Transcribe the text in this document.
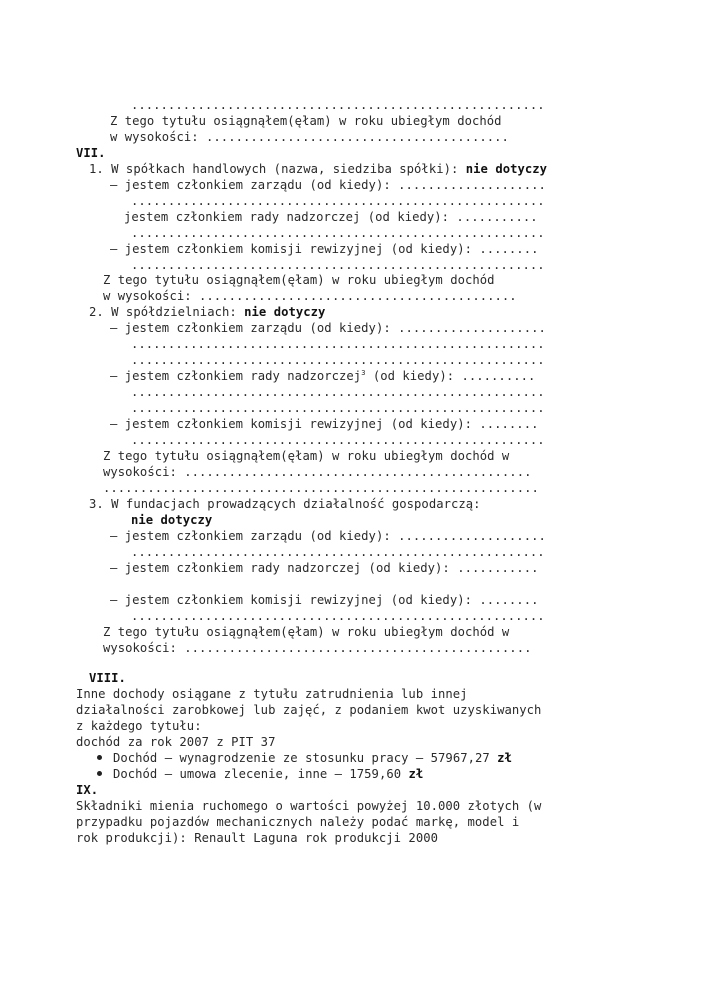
........................................................
Z tego tytułu osiągnąłem(ęłam) w roku ubiegłym dochód
w wysokości: .........................................
VII.
1. W spółkach handlowych (nazwa, siedziba spółki): nie dotyczy
– jestem członkiem zarządu (od kiedy): ....................
........................................................
jestem członkiem rady nadzorczej (od kiedy): ...........
........................................................
– jestem członkiem komisji rewizyjnej (od kiedy): ........
........................................................
Z tego tytułu osiągnąłem(ęłam) w roku ubiegłym dochód
w wysokości: ...........................................
2. W spółdzielniach: nie dotyczy
– jestem członkiem zarządu (od kiedy): ....................
........................................................
........................................................
– jestem członkiem rady nadzorczej$^3$ (od kiedy): ..........
........................................................
........................................................
– jestem członkiem komisji rewizyjnej (od kiedy): ........
........................................................
Z tego tytułu osiągnąłem(ęłam) w roku ubiegłym dochód w
wysokości: ...............................................
...........................................................
3. W fundacjach prowadzących działalność gospodarczą:
nie dotyczy
– jestem członkiem zarządu (od kiedy): ....................
........................................................
– jestem członkiem rady nadzorczej (od kiedy): ...........
– jestem członkiem komisji rewizyjnej (od kiedy): ........
........................................................
Z tego tytułu osiągnąłem(ęłam) w roku ubiegłym dochód w
wysokości: ...............................................
VIII.
Inne dochody osiągane z tytułu zatrudnienia lub innej
działalności zarobkowej lub zajęć, z podaniem kwot uzyskiwanych
z każdego tytułu:
dochód za rok 2007 z PIT 37
Dochód – wynagrodzenie ze stosunku pracy – 57967,27 zł
Dochód – umowa zlecenie, inne – 1759,60 zł
IX.
Składniki mienia ruchomego o wartości powyżej 10.000 złotych (w
przypadku pojazdów mechanicznych należy podać markę, model i
rok produkcji): Renault Laguna rok produkcji 2000
